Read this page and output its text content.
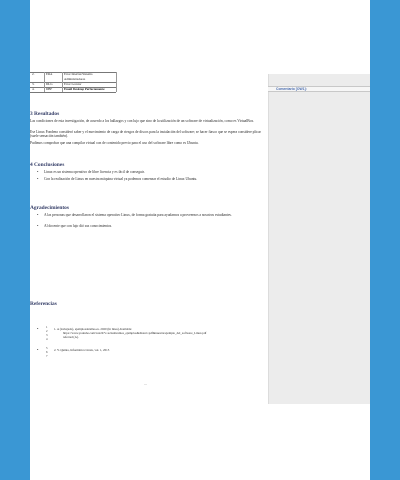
Comentario [OW1]:
2.	ERA	Error Interfaz/Sistema
Administradores
3.	DLG	Error Lecutor
4.	DBF	Email Desktop Perfectamente
3 Resultados
Las condiciones de esta investigación, de acuerdo a los hallazgos y con lujo que sino de la utilización de un software de virtualización, como es VirtualBox.
Ese Linux Fondeno consideró saber y el movimiento de carga de riesgos de discos para la instalación del software; se hacer fiasco que se espera considere plicar (suele sensación también).
Pudimos comprobar que una compilar virtual con de contenido previo para el uso del software libre como es Ubuntu.
4 Conclusiones
• Linux es un sistema operativo de libre licencia y es fácil de conseguir.
• Con la realización de Linux en nuestra máquina virtual ya podemos comenzar el estudio de Linux Ubuntu.
Agradecimientos
• A las personas que desarrollaron el sistema operativo Linux, de forma gratuita para ayudarnos a proveernos a nosotros estudiantes.
• Al docente que con lujo dió sus conocimientos.
Referencias
•	1
2
3
4
1. A (trabajado), ejemplosdetalles.es. 2020 (In linea) Available:
https://www.youtube.com/watch?v=actualizamos_ejemplos&distort=pdf&nuestra/ejemplo_del_software_Linux.pdf
referred (A).
•	5
6
7
2. Y. Quinta, Informática Linux, vol. 1, 2015
—
